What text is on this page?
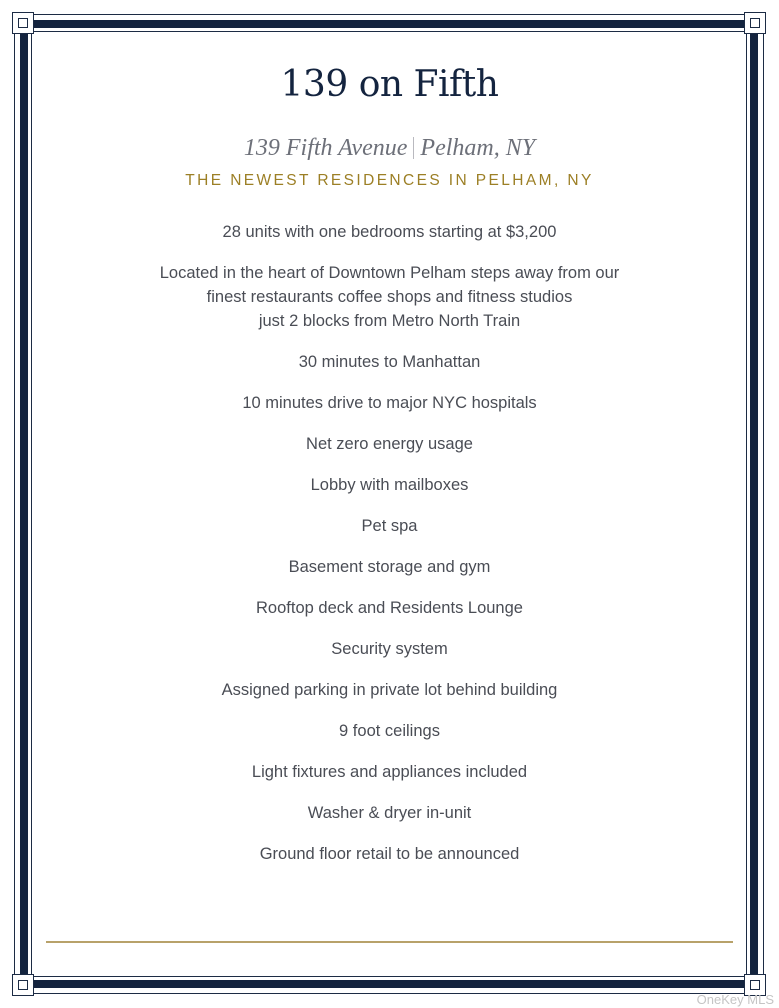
139 on Fifth
139 Fifth Avenue Pelham, NY
THE NEWEST RESIDENCES IN PELHAM, NY
28 units with one bedrooms starting at $3,200
Located in the heart of Downtown Pelham steps away from our
finest restaurants coffee shops and fitness studios
just 2 blocks from Metro North Train
30 minutes to Manhattan
10 minutes drive to major NYC hospitals
Net zero energy usage
Lobby with mailboxes
Pet spa
Basement storage and gym
Rooftop deck and Residents Lounge
Security system
Assigned parking in private lot behind building
9 foot ceilings
Light fixtures and appliances included
Washer & dryer in-unit
Ground floor retail to be announced
OneKey MLS
